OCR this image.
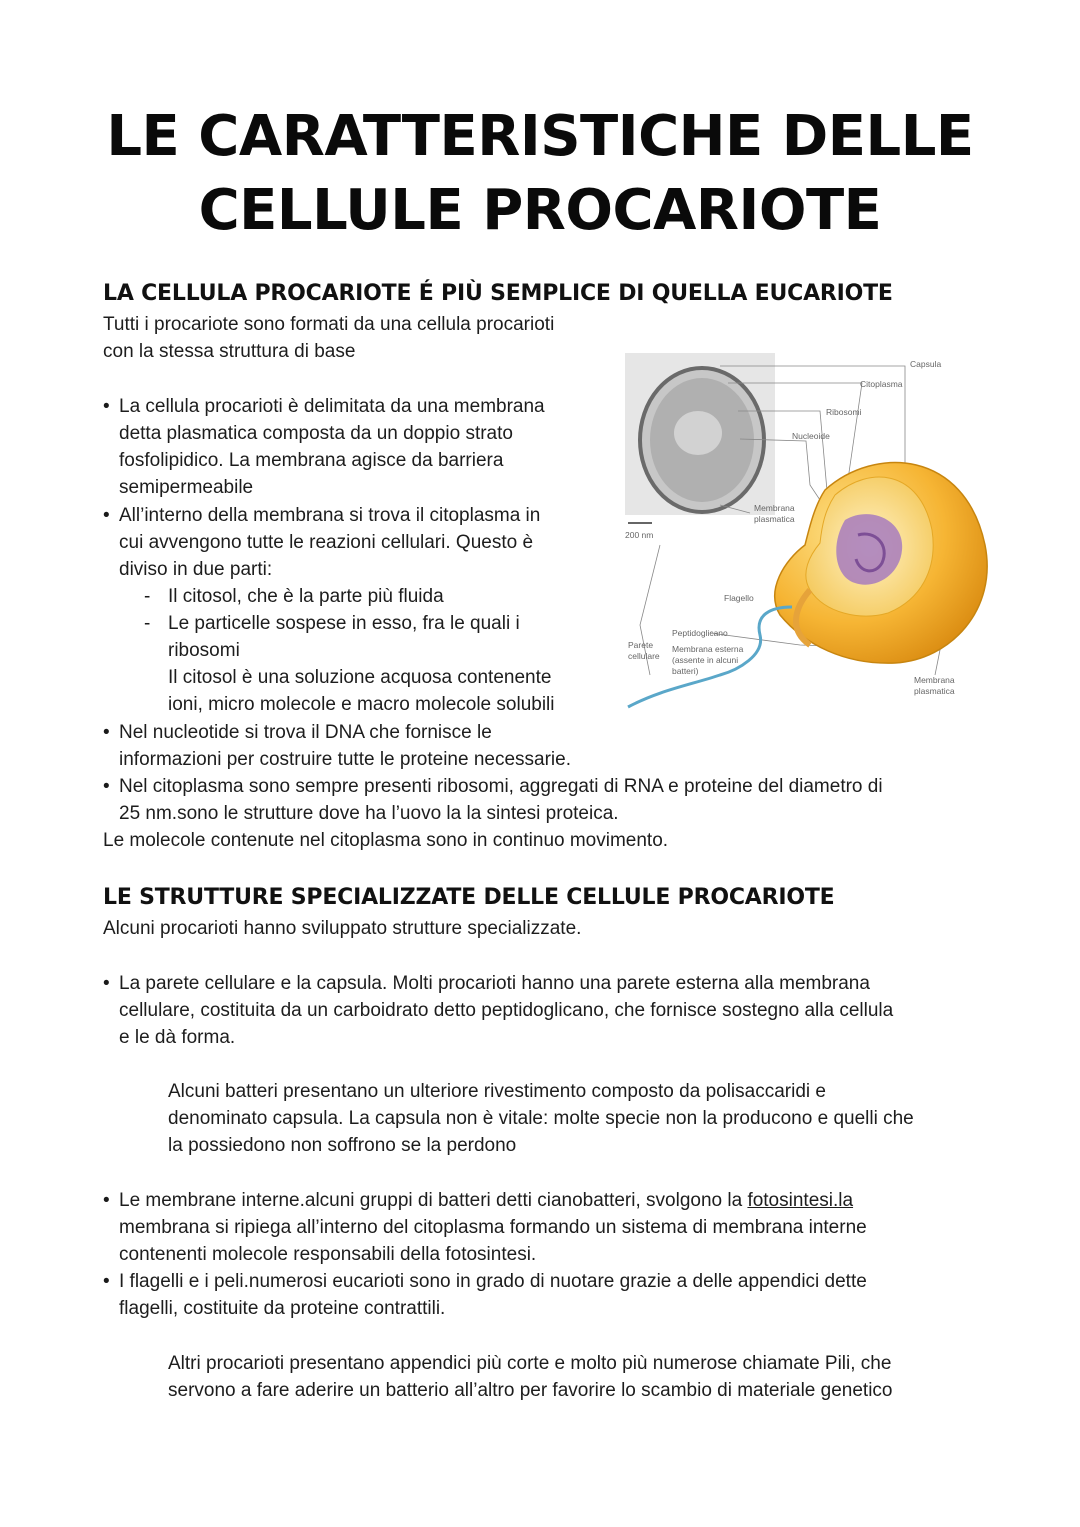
LE CARATTERISTICHE DELLE
CELLULE PROCARIOTE
LA CELLULA PROCARIOTE É PIÙ SEMPLICE DI QUELLA EUCARIOTE

Tutti i procariote sono formati da una cellula procarioti

con la stessa struttura di base

• La cellula procarioti è delimitata da una membrana

detta plasmatica composta da un doppio strato

fosfolipidico. La membrana agisce da barriera

semipermeabile

• All’interno della membrana si trova il citoplasma in

cui avvengono tutte le reazioni cellulari. Questo è

diviso in due parti:

- Il citosol, che è la parte più fluida

- Le particelle sospese in esso, fra le quali i

ribosomi

Il citosol è una soluzione acquosa contenente

ioni, micro molecole e macro molecole solubili

• Nel nucleotide si trova il DNA che fornisce le

informazioni per costruire tutte le proteine necessarie.

• Nel citoplasma sono sempre presenti ribosomi, aggregati di RNA e proteine del diametro di

25 nm.sono le strutture dove ha l’uovo la la sintesi proteica.

Le molecole contenute nel citoplasma sono in continuo movimento.

200 nm
Capsula
Citoplasma
Ribosomi
Nucleoide
Membrana
plasmatica
Flagello
Parete
cellulare
Peptidoglicano
Membrana esterna
(assente in alcuni
batteri)
Membrana
plasmatica
LE STRUTTURE SPECIALIZZATE DELLE CELLULE PROCARIOTE

Alcuni procarioti hanno sviluppato strutture specializzate.

• La parete cellulare e la capsula. Molti procarioti hanno una parete esterna alla membrana

cellulare, costituita da un carboidrato detto peptidoglicano, che fornisce sostegno alla cellula

e le dà forma.

Alcuni batteri presentano un ulteriore rivestimento composto da polisaccaridi e

denominato capsula. La capsula non è vitale: molte specie non la producono e quelli che

la possiedono non soffrono se la perdono

• Le membrane interne.alcuni gruppi di batteri detti cianobatteri, svolgono la fotosintesi.la

membrana si ripiega all’interno del citoplasma formando un sistema di membrana interne

contenenti molecole responsabili della fotosintesi.

• I flagelli e i peli.numerosi eucarioti sono in grado di nuotare grazie a delle appendici dette

flagelli, costituite da proteine contrattili.

Altri procarioti presentano appendici più corte e molto più numerose chiamate Pili, che

servono a fare aderire un batterio all’altro per favorire lo scambio di materiale genetico
